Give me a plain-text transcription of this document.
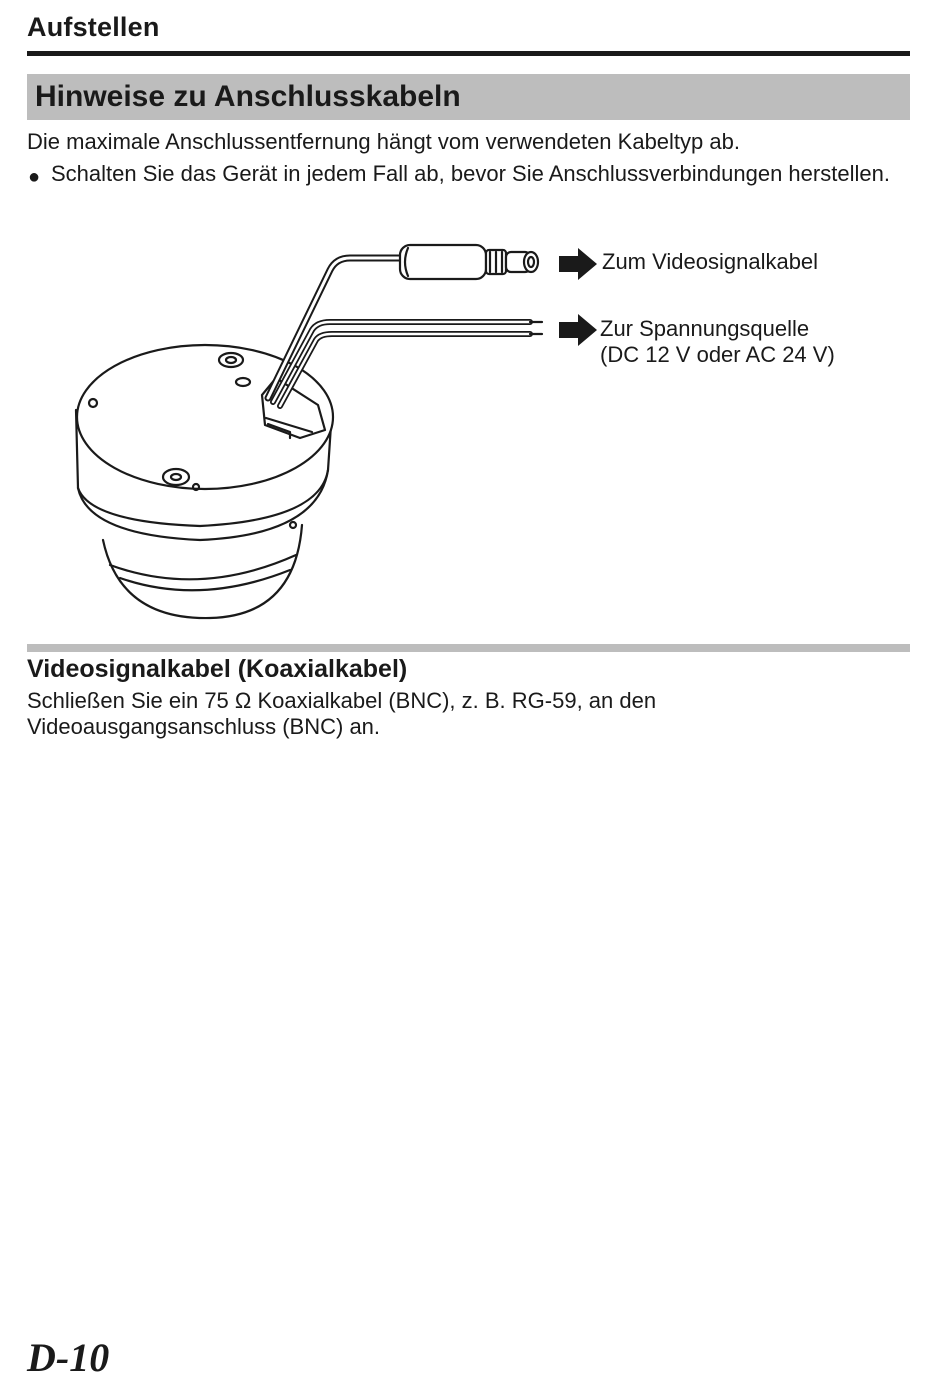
Aufstellen
Hinweise zu Anschlusskabeln
Die maximale Anschlussentfernung hängt vom verwendeten Kabeltyp ab.
● Schalten Sie das Gerät in jedem Fall ab, bevor Sie Anschlussverbindungen herstellen.
Zum Videosignalkabel
Zur Spannungsquelle
(DC 12 V oder AC 24 V)
Videosignalkabel (Koaxialkabel)
Schließen Sie ein 75 Ω Koaxialkabel (BNC), z. B. RG-59, an den
Videoausgangsanschluss (BNC) an.
D-10
